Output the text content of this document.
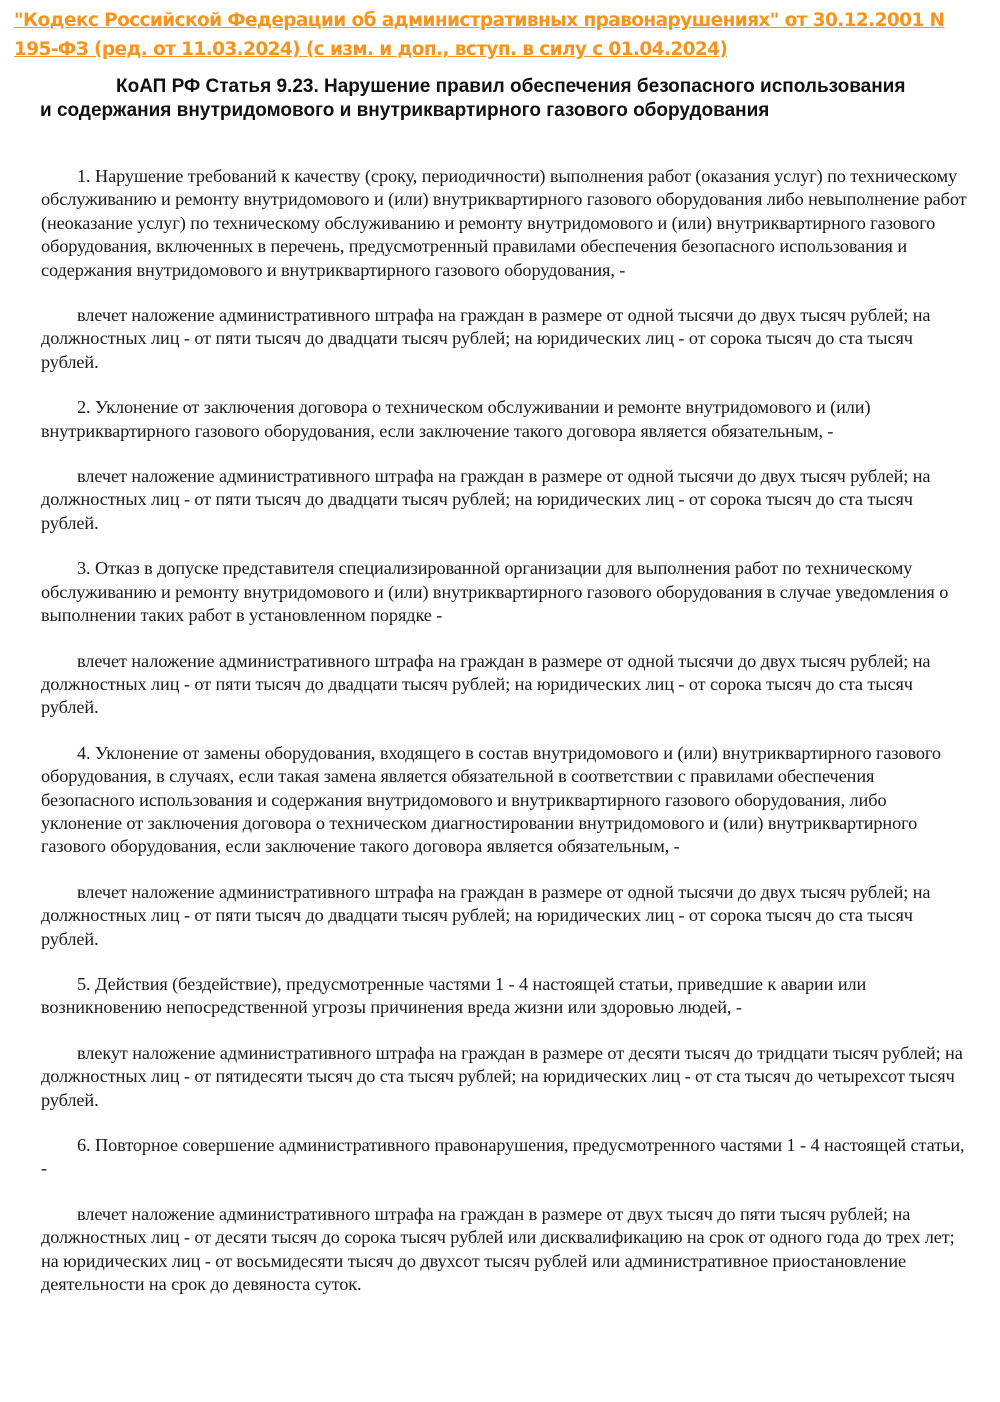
"Кодекс Российской Федерации об административных правонарушениях" от 30.12.2001 N 195-ФЗ (ред. от 11.03.2024) (с изм. и доп., вступ. в силу с 01.04.2024)
КоАП РФ Статья 9.23. Нарушение правил обеспечения безопасного использования и содержания внутридомового и внутриквартирного газового оборудования

1. Нарушение требований к качеству (сроку, периодичности) выполнения работ (оказания услуг) по техническому обслуживанию и ремонту внутридомового и (или) внутриквартирного газового оборудования либо невыполнение работ (неоказание услуг) по техническому обслуживанию и ремонту внутридомового и (или) внутриквартирного газового оборудования, включенных в перечень, предусмотренный правилами обеспечения безопасного использования и содержания внутридомового и внутриквартирного газового оборудования, -

влечет наложение административного штрафа на граждан в размере от одной тысячи до двух тысяч рублей; на должностных лиц - от пяти тысяч до двадцати тысяч рублей; на юридических лиц - от сорока тысяч до ста тысяч рублей.

2. Уклонение от заключения договора о техническом обслуживании и ремонте внутридомового и (или) внутриквартирного газового оборудования, если заключение такого договора является обязательным, -

влечет наложение административного штрафа на граждан в размере от одной тысячи до двух тысяч рублей; на должностных лиц - от пяти тысяч до двадцати тысяч рублей; на юридических лиц - от сорока тысяч до ста тысяч рублей.

3. Отказ в допуске представителя специализированной организации для выполнения работ по техническому обслуживанию и ремонту внутридомового и (или) внутриквартирного газового оборудования в случае уведомления о выполнении таких работ в установленном порядке -

влечет наложение административного штрафа на граждан в размере от одной тысячи до двух тысяч рублей; на должностных лиц - от пяти тысяч до двадцати тысяч рублей; на юридических лиц - от сорока тысяч до ста тысяч рублей.

4. Уклонение от замены оборудования, входящего в состав внутридомового и (или) внутриквартирного газового оборудования, в случаях, если такая замена является обязательной в соответствии с правилами обеспечения безопасного использования и содержания внутридомового и внутриквартирного газового оборудования, либо уклонение от заключения договора о техническом диагностировании внутридомового и (или) внутриквартирного газового оборудования, если заключение такого договора является обязательным, -

влечет наложение административного штрафа на граждан в размере от одной тысячи до двух тысяч рублей; на должностных лиц - от пяти тысяч до двадцати тысяч рублей; на юридических лиц - от сорока тысяч до ста тысяч рублей.

5. Действия (бездействие), предусмотренные частями 1 - 4 настоящей статьи, приведшие к аварии или возникновению непосредственной угрозы причинения вреда жизни или здоровью людей, -

влекут наложение административного штрафа на граждан в размере от десяти тысяч до тридцати тысяч рублей; на должностных лиц - от пятидесяти тысяч до ста тысяч рублей; на юридических лиц - от ста тысяч до четырехсот тысяч рублей.

6. Повторное совершение административного правонарушения, предусмотренного частями 1 - 4 настоящей статьи, -

влечет наложение административного штрафа на граждан в размере от двух тысяч до пяти тысяч рублей; на должностных лиц - от десяти тысяч до сорока тысяч рублей или дисквалификацию на срок от одного года до трех лет; на юридических лиц - от восьмидесяти тысяч до двухсот тысяч рублей или административное приостановление деятельности на срок до девяноста суток.
